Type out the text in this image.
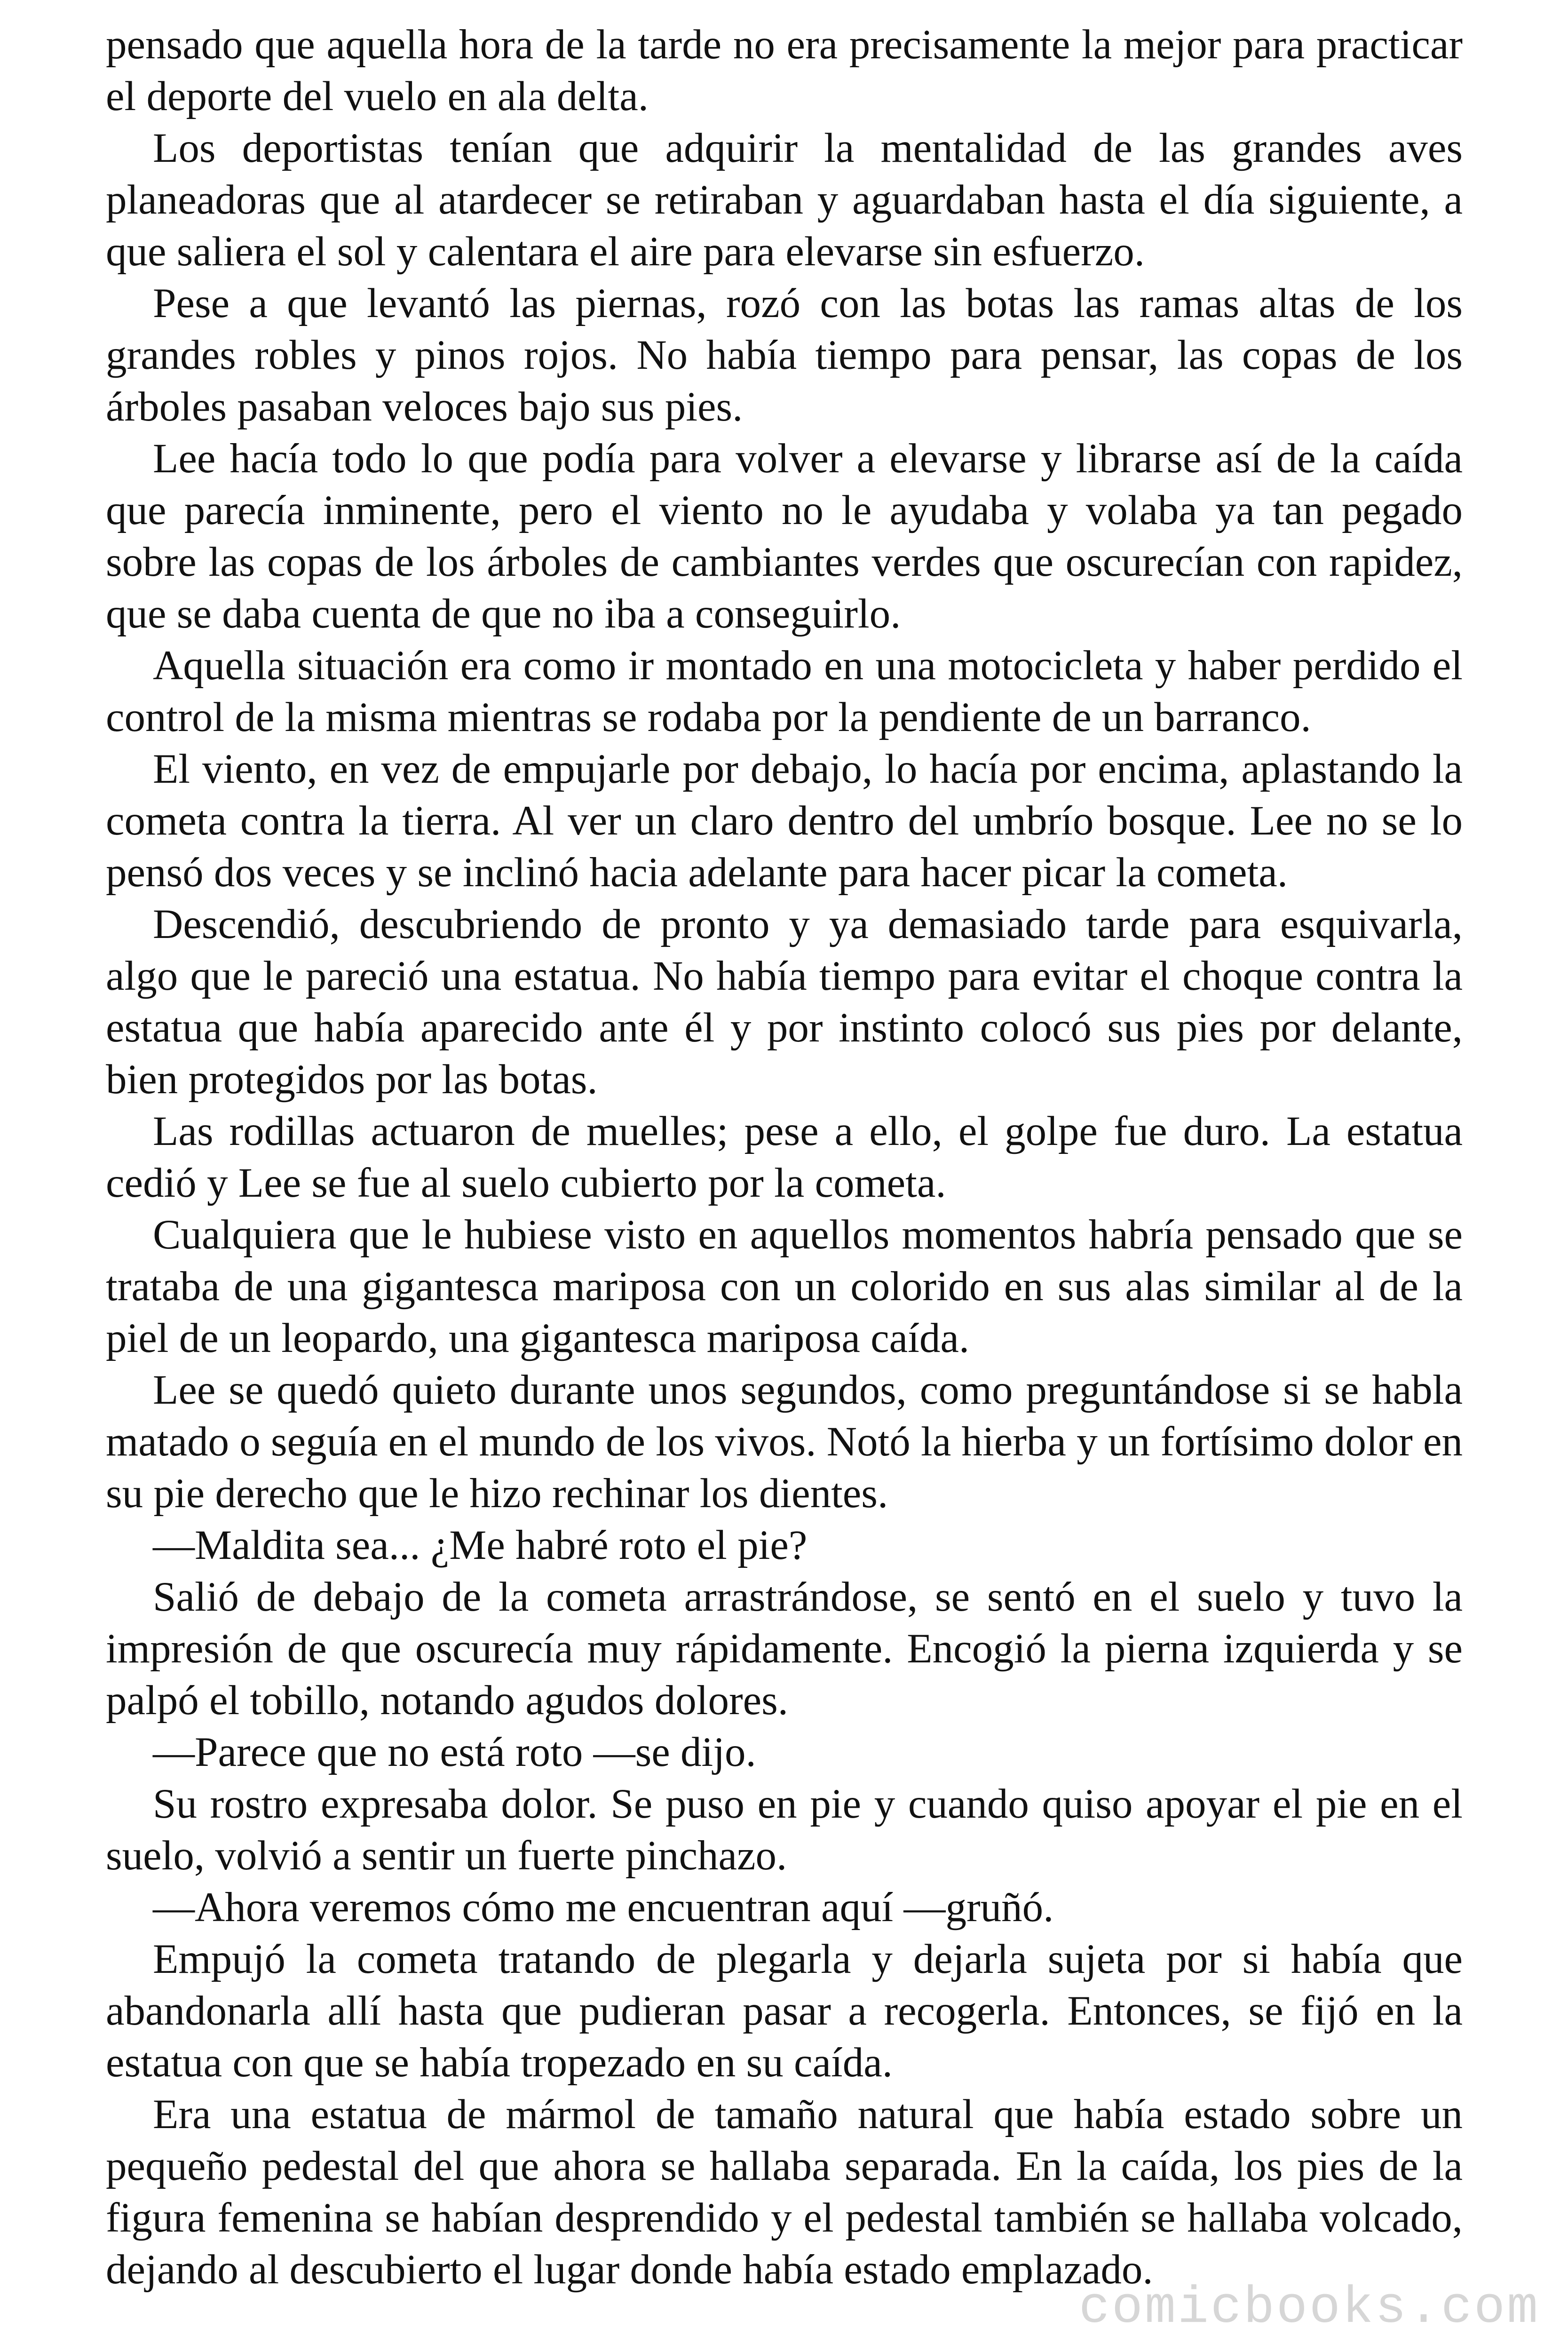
pensado que aquella hora de la tarde no era precisamente la mejor para practicar el deporte del vuelo en ala delta.

Los deportistas tenían que adquirir la mentalidad de las grandes aves planeadoras que al atardecer se retiraban y aguardaban hasta el día siguiente, a que saliera el sol y calentara el aire para elevarse sin esfuerzo.

Pese a que levantó las piernas, rozó con las botas las ramas altas de los grandes robles y pinos rojos. No había tiempo para pensar, las copas de los árboles pasaban veloces bajo sus pies.

Lee hacía todo lo que podía para volver a elevarse y librarse así de la caída que parecía inminente, pero el viento no le ayudaba y volaba ya tan pegado sobre las copas de los árboles de cambiantes verdes que oscurecían con rapidez, que se daba cuenta de que no iba a conseguirlo.

Aquella situación era como ir montado en una motocicleta y haber perdido el control de la misma mientras se rodaba por la pendiente de un barranco.

El viento, en vez de empujarle por debajo, lo hacía por encima, aplastando la cometa contra la tierra. Al ver un claro dentro del umbrío bosque. Lee no se lo pensó dos veces y se inclinó hacia adelante para hacer picar la cometa.

Descendió, descubriendo de pronto y ya demasiado tarde para esquivarla, algo que le pareció una estatua. No había tiempo para evitar el choque contra la estatua que había aparecido ante él y por instinto colocó sus pies por delante, bien protegidos por las botas.

Las rodillas actuaron de muelles; pese a ello, el golpe fue duro. La estatua cedió y Lee se fue al suelo cubierto por la cometa.

Cualquiera que le hubiese visto en aquellos momentos habría pensado que se trataba de una gigantesca mariposa con un colorido en sus alas similar al de la piel de un leopardo, una gigantesca mariposa caída.

Lee se quedó quieto durante unos segundos, como preguntándose si se habla matado o seguía en el mundo de los vivos. Notó la hierba y un fortísimo dolor en su pie derecho que le hizo rechinar los dientes.

—Maldita sea... ¿Me habré roto el pie?

Salió de debajo de la cometa arrastrándose, se sentó en el suelo y tuvo la impresión de que oscurecía muy rápidamente. Encogió la pierna izquierda y se palpó el tobillo, notando agudos dolores.

—Parece que no está roto —se dijo.

Su rostro expresaba dolor. Se puso en pie y cuando quiso apoyar el pie en el suelo, volvió a sentir un fuerte pinchazo.

—Ahora veremos cómo me encuentran aquí —gruñó.

Empujó la cometa tratando de plegarla y dejarla sujeta por si había que abandonarla allí hasta que pudieran pasar a recogerla. Entonces, se fijó en la estatua con que se había tropezado en su caída.

Era una estatua de mármol de tamaño natural que había estado sobre un pequeño pedestal del que ahora se hallaba separada. En la caída, los pies de la figura femenina se habían desprendido y el pedestal también se hallaba volcado, dejando al descubierto el lugar donde había estado emplazado.

comicbooks.com
